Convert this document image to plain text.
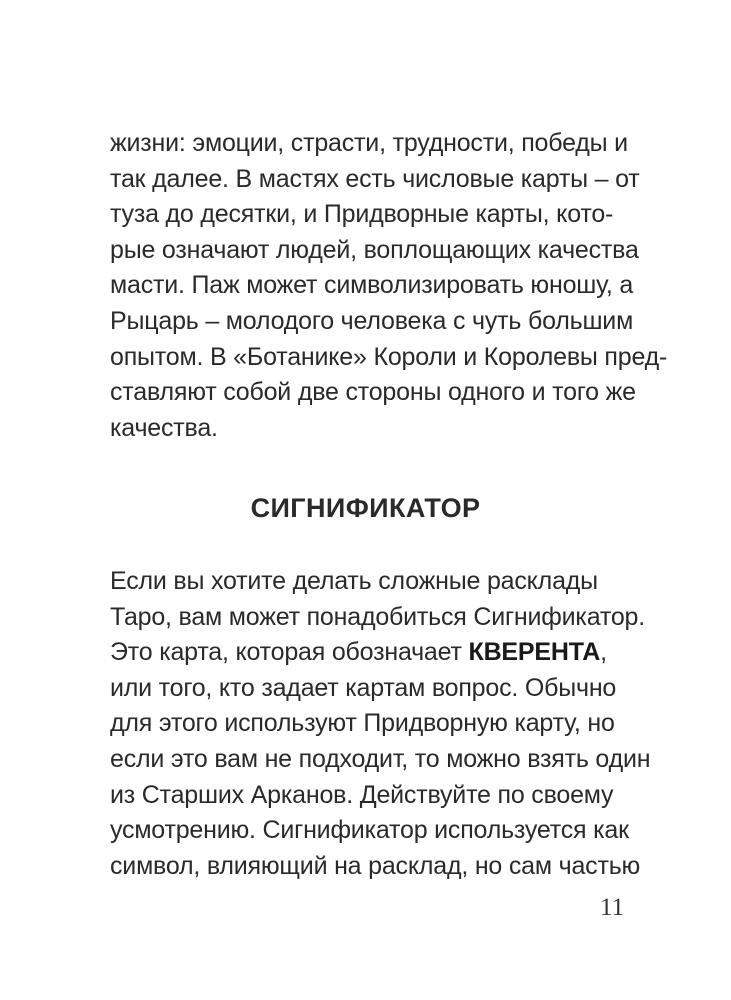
жизни: эмоции, страсти, трудности, победы и
так далее. В мастях есть числовые карты – от
туза до десятки, и Придворные карты, кото-
рые означают людей, воплощающих качества
масти. Паж может символизировать юношу, а
Рыцарь – молодого человека с чуть большим
опытом. В «Ботанике» Короли и Королевы пред-
ставляют собой две стороны одного и того же
качества.
СИГНИФИКАТОР
Если вы хотите делать сложные расклады
Таро, вам может понадобиться Сигнификатор.
Это карта, которая обозначает КВЕРЕНТА,
или того, кто задает картам вопрос. Обычно
для этого используют Придворную карту, но
если это вам не подходит, то можно взять один
из Старших Арканов. Действуйте по своему
усмотрению. Сигнификатор используется как
символ, влияющий на расклад, но сам частью
11
